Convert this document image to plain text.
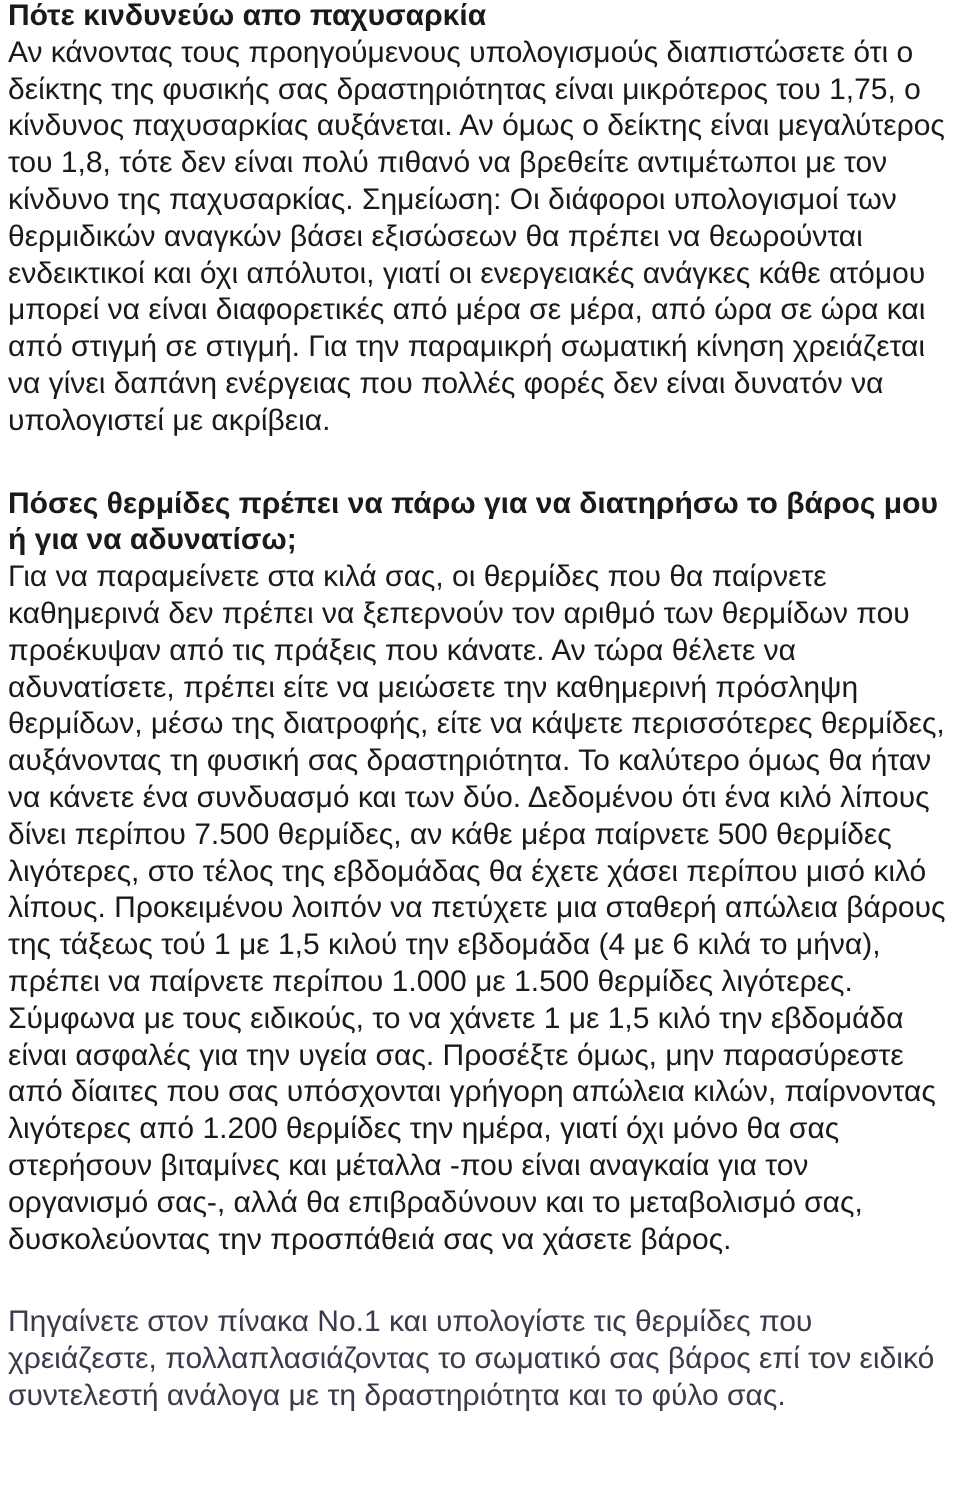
Πότε κινδυνεύω απο παχυσαρκία

Αν κάνοντας τους προηγούμενους υπολογισμούς διαπιστώσετε ότι ο δείκτης της φυσικής σας δραστηριότητας είναι μικρότερος του 1,75, ο κίνδυνος παχυσαρκίας αυξάνεται. Αν όμως ο δείκτης είναι μεγαλύτερος του 1,8, τότε δεν είναι πολύ πιθανό να βρεθείτε αντιμέτωποι με τον κίνδυνο της παχυσαρκίας. Σημείωση: Οι διάφοροι υπολογισμοί των θερμιδικών αναγκών βάσει εξισώσεων θα πρέπει να θεωρούνται ενδεικτικοί και όχι απόλυτοι, γιατί οι ενεργειακές ανάγκες κάθε ατόμου μπορεί να είναι διαφορετικές από μέρα σε μέρα, από ώρα σε ώρα και από στιγμή σε στιγμή. Για την παραμικρή σωματική κίνηση χρειάζεται να γίνει δαπάνη ενέργειας που πολλές φορές δεν είναι δυνατόν να υπολογιστεί με ακρίβεια.

Πόσες θερμίδες πρέπει να πάρω για να διατηρήσω το βάρος μου ή για να αδυνατίσω;

Για να παραμείνετε στα κιλά σας, οι θερμίδες που θα παίρνετε καθημερινά δεν πρέπει να ξεπερνούν τον αριθμό των θερμίδων που προέκυψαν από τις πράξεις που κάνατε. Αν τώρα θέλετε να αδυνατίσετε, πρέπει είτε να μειώσετε την καθημερινή πρόσληψη θερμίδων, μέσω της διατροφής, είτε να κάψετε περισσότερες θερμίδες, αυξάνοντας τη φυσική σας δραστηριότητα. Το καλύτερο όμως θα ήταν να κάνετε ένα συνδυασμό και των δύο. Δεδομένου ότι ένα κιλό λίπους δίνει περίπου 7.500 θερμίδες, αν κάθε μέρα παίρνετε 500 θερμίδες λιγότερες, στο τέλος της εβδομάδας θα έχετε χάσει περίπου μισό κιλό λίπους. Προκειμένου λοιπόν να πετύχετε μια σταθερή απώλεια βάρους της τάξεως τού 1 με 1,5 κιλού την εβδομάδα (4 με 6 κιλά το μήνα), πρέπει να παίρνετε περίπου 1.000 με 1.500 θερμίδες λιγότερες. Σύμφωνα με τους ειδικούς, το να χάνετε 1 με 1,5 κιλό την εβδομάδα είναι ασφαλές για την υγεία σας. Προσέξτε όμως, μην παρασύρεστε από δίαιτες που σας υπόσχονται γρήγορη απώλεια κιλών, παίρνοντας λιγότερες από 1.200 θερμίδες την ημέρα, γιατί όχι μόνο θα σας στερήσουν βιταμίνες και μέταλλα -που είναι αναγκαία για τον οργανισμό σας-, αλλά θα επιβραδύνουν και το μεταβολισμό σας, δυσκολεύοντας την προσπάθειά σας να χάσετε βάρος.

Πηγαίνετε στον πίνακα Νο.1 και υπολογίστε τις θερμίδες που χρειάζεστε, πολλαπλασιάζοντας το σωματικό σας βάρος επί τον ειδικό συντελεστή ανάλογα με τη δραστηριότητα και το φύλο σας.
